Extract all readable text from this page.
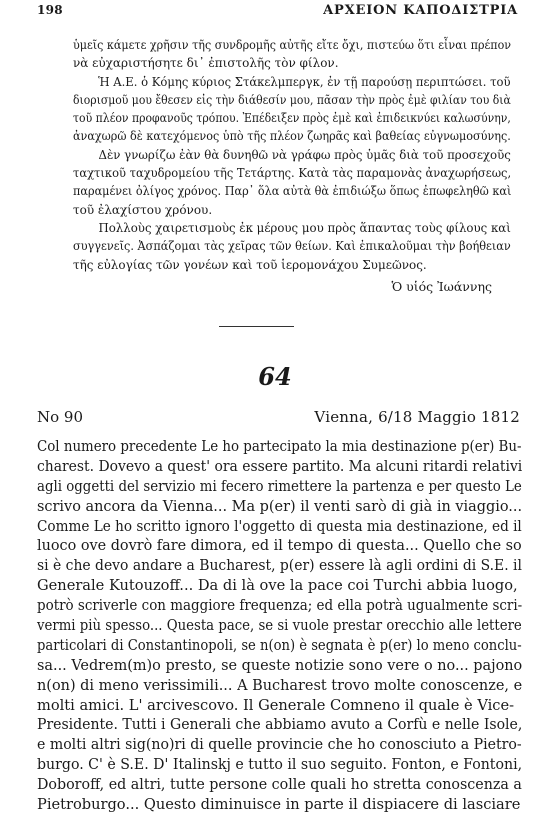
198	ΑΡΧΕΙΟΝ ΚΑΠΟΔΙΣΤΡΙΑ
ὑμεῖς κάμετε χρῆσιν τῆς συνδρομῆς αὐτῆς εἴτε ὄχι, πιστεύω ὅτι εἶναι πρέπον
νὰ εὐχαριστήσητε δι᾿ ἐπιστολῆς τὸν φίλον.
Ἡ Α.Ε. ὁ Κόμης κύριος Στάκελμπεργκ, ἐν τῇ παρούσῃ περιπτώσει. τοῦ
διορισμοῦ μου ἔθεσεν εἰς τὴν διάθεσίν μου, πᾶσαν τὴν πρὸς ἐμὲ φιλίαν του διὰ
τοῦ πλέον προφανοῦς τρόπου. Ἐπέδειξεν πρὸς ἐμὲ καὶ ἐπιδεικνύει καλωσύνην,
ἀναχωρῶ δὲ κατεχόμενος ὑπὸ τῆς πλέον ζωηρᾶς καὶ βαθείας εὐγνωμοσύνης.
Δὲν γνωρίζω ἐὰν θὰ δυνηθῶ νὰ γράφω πρὸς ὑμᾶς διὰ τοῦ προσεχοῦς
ταχτικοῦ ταχυδρομείου τῆς Τετάρτης. Κατὰ τὰς παραμονὰς ἀναχωρήσεως,
παραμένει ὀλίγος χρόνος. Παρ᾿ ὅλα αὐτὰ θὰ ἐπιδιώξω ὅπως ἐπωφεληθῶ καὶ
τοῦ ἐλαχίστου χρόνου.
Πολλοὺς χαιρετισμοὺς ἐκ μέρους μου πρὸς ἅπαντας τοὺς φίλους καὶ
συγγενεῖς. Ἀσπάζομαι τὰς χεῖρας τῶν θείων. Καὶ ἐπικαλοῦμαι τὴν βοήθειαν
τῆς εὐλογίας τῶν γονέων καὶ τοῦ ἱερομονάχου Συμεῶνος.
Ὁ υἱός Ἰωάννης
64
No 90	Vienna, 6/18 Maggio 1812
Col numero precedente Le ho partecipato la mia destinazione p(er) Bu-
charest. Dovevo a quest' ora essere partito. Ma alcuni ritardi relativi
agli oggetti del servizio mi fecero rimettere la partenza e per questo Le
scrivo ancora da Vienna... Ma p(er) il venti sarò di già in viaggio...
Comme Le ho scritto ignoro l'oggetto di questa mia destinazione, ed il
luoco ove dovrò fare dimora, ed il tempo di questa... Quello che so
si è che devo andare a Bucharest, p(er) essere là agli ordini di S.E. il
Generale Kutouzoff... Da di là ove la pace coi Turchi abbia luogo,
potrò scriverle con maggiore frequenza; ed ella potrà ugualmente scri-
vermi più spesso... Questa pace, se si vuole prestar orecchio alle lettere
particolari di Constantinopoli, se n(on) è segnata è p(er) lo meno conclu-
sa... Vedrem(m)o presto, se queste notizie sono vere o no... pajono
n(on) di meno verissimili... A Bucharest trovo molte conoscenze, e
molti amici. L' arcivescovo. Il Generale Comneno il quale è Vice-
Presidente. Tutti i Generali che abbiamo avuto a Corfù e nelle Isole,
e molti altri sig(no)ri di quelle provincie che ho conosciuto a Pietro-
burgo. C' è S.E. D' Italinskj e tutto il suo seguito. Fonton, e Fontoni,
Doboroff, ed altri, tutte persone colle quali ho stretta conoscenza a
Pietroburgo... Questo diminuisce in parte il dispiacere di lasciare
